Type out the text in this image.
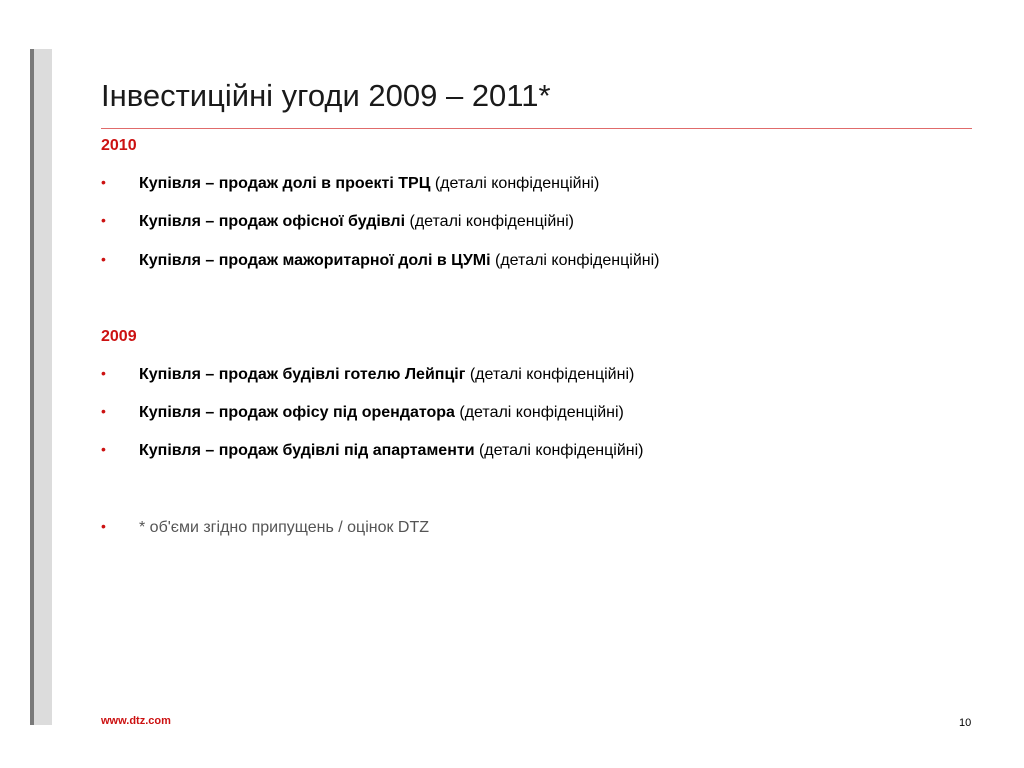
Інвестиційні угоди 2009 – 2011*
2010
• Купівля – продаж долі в проекті ТРЦ (деталі конфіденційні)
• Купівля – продаж офісної будівлі (деталі конфіденційні)
• Купівля – продаж мажоритарної долі в ЦУМі (деталі конфіденційні)
2009
• Купівля – продаж будівлі готелю Лейпціг (деталі конфіденційні)
• Купівля – продаж офісу під орендатора (деталі конфіденційні)
• Купівля – продаж будівлі під апартаменти (деталі конфіденційні)
• * об'єми згідно припущень / оцінок DTZ
www.dtz.com	10
